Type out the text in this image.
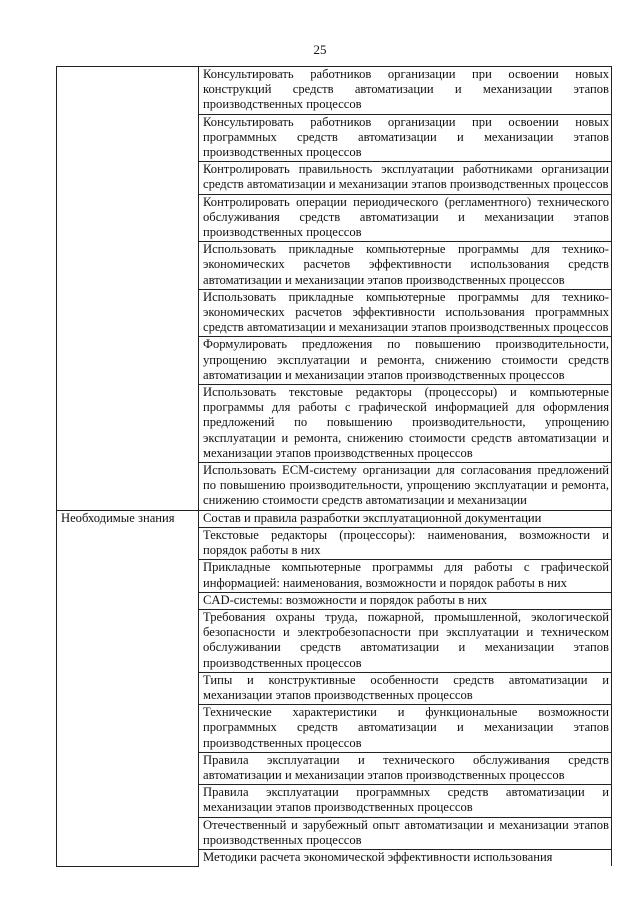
25
	Консультировать работников организации при освоении новых конструкций средств автоматизации и механизации этапов производственных процессов
	Консультировать работников организации при освоении новых программных средств автоматизации и механизации этапов производственных процессов
	Контролировать правильность эксплуатации работниками организации средств автоматизации и механизации этапов производственных процессов
	Контролировать операции периодического (регламентного) технического обслуживания средств автоматизации и механизации этапов производственных процессов
	Использовать прикладные компьютерные программы для технико-экономических расчетов эффективности использования средств автоматизации и механизации этапов производственных процессов
	Использовать прикладные компьютерные программы для технико-экономических расчетов эффективности использования программных средств автоматизации и механизации этапов производственных процессов
	Формулировать предложения по повышению производительности, упрощению эксплуатации и ремонта, снижению стоимости средств автоматизации и механизации этапов производственных процессов
	Использовать текстовые редакторы (процессоры) и компьютерные программы для работы с графической информацией для оформления предложений по повышению производительности, упрощению эксплуатации и ремонта, снижению стоимости средств автоматизации и механизации этапов производственных процессов
	Использовать ECM-систему организации для согласования предложений по повышению производительности, упрощению эксплуатации и ремонта, снижению стоимости средств автоматизации и механизации
Необходимые знания	Состав и правила разработки эксплуатационной документации
	Текстовые редакторы (процессоры): наименования, возможности и порядок работы в них
	Прикладные компьютерные программы для работы с графической информацией: наименования, возможности и порядок работы в них
	CAD-системы: возможности и порядок работы в них
	Требования охраны труда, пожарной, промышленной, экологической безопасности и электробезопасности при эксплуатации и техническом обслуживании средств автоматизации и механизации этапов производственных процессов
	Типы и конструктивные особенности средств автоматизации и механизации этапов производственных процессов
	Технические характеристики и функциональные возможности программных средств автоматизации и механизации этапов производственных процессов
	Правила эксплуатации и технического обслуживания средств автоматизации и механизации этапов производственных процессов
	Правила эксплуатации программных средств автоматизации и механизации этапов производственных процессов
	Отечественный и зарубежный опыт автоматизации и механизации этапов производственных процессов
	Методики расчета экономической эффективности использования
